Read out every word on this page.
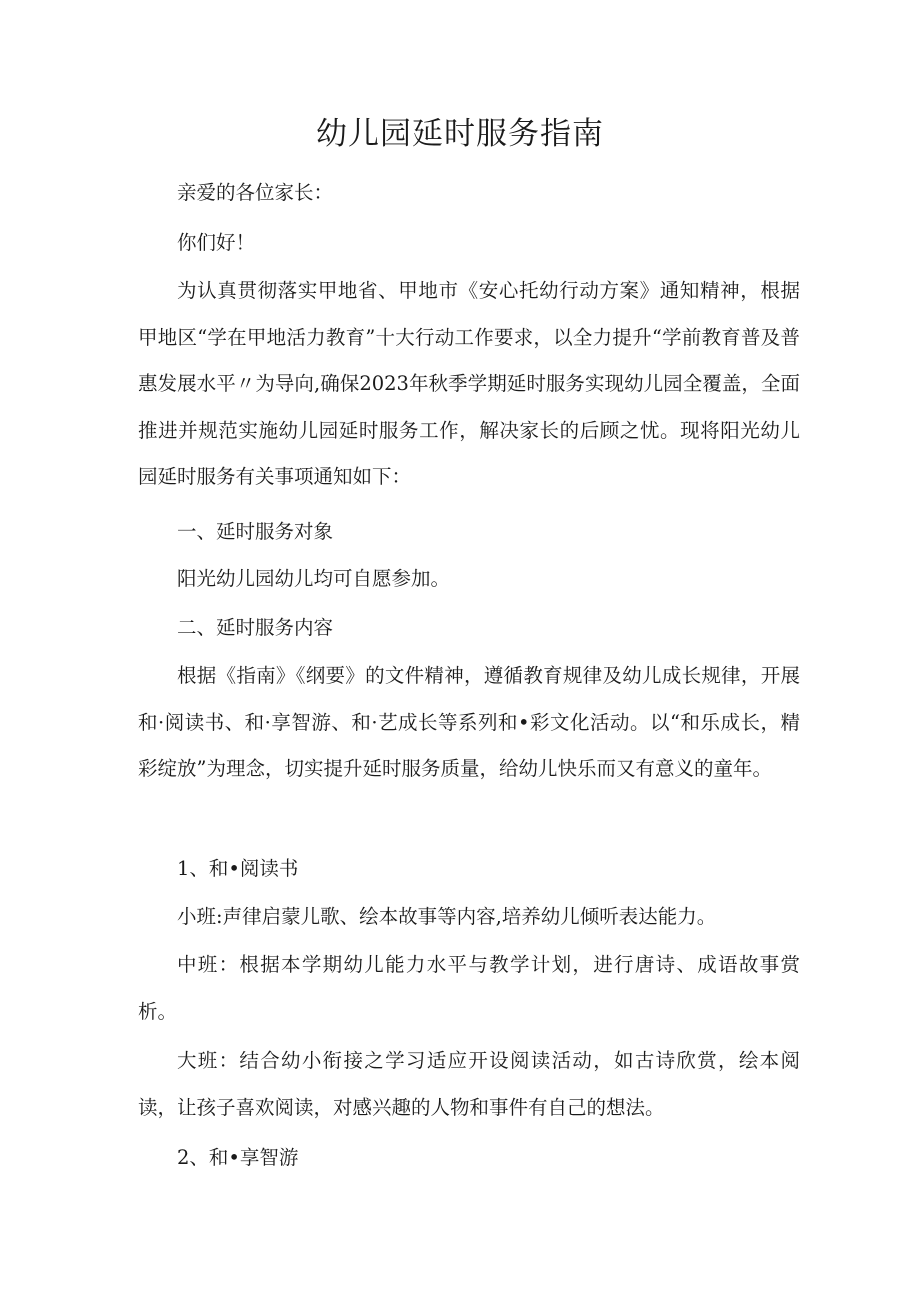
幼儿园延时服务指南

亲爱的各位家长：

你们好！

为认真贯彻落实甲地省、甲地市《安心托幼行动方案》通知精神，根据甲地区“学在甲地活力教育”十大行动工作要求，以全力提升“学前教育普及普惠发展水平〃为导向,确保2023年秋季学期延时服务实现幼儿园全覆盖，全面推进并规范实施幼儿园延时服务工作，解决家长的后顾之忧。现将阳光幼儿园延时服务有关事项通知如下：

一、延时服务对象

阳光幼儿园幼儿均可自愿参加。

二、延时服务内容

根据《指南》《纲要》的文件精神，遵循教育规律及幼儿成长规律，开展和·阅读书、和·享智游、和·艺成长等系列和•彩文化活动。以“和乐成长，精彩绽放”为理念，切实提升延时服务质量，给幼儿快乐而又有意义的童年。

1、和•阅读书

小班:声律启蒙儿歌、绘本故事等内容,培养幼儿倾听表达能力。

中班：根据本学期幼儿能力水平与教学计划，进行唐诗、成语故事赏析。

大班：结合幼小衔接之学习适应开设阅读活动，如古诗欣赏，绘本阅读，让孩子喜欢阅读，对感兴趣的人物和事件有自己的想法。

2、和•享智游
